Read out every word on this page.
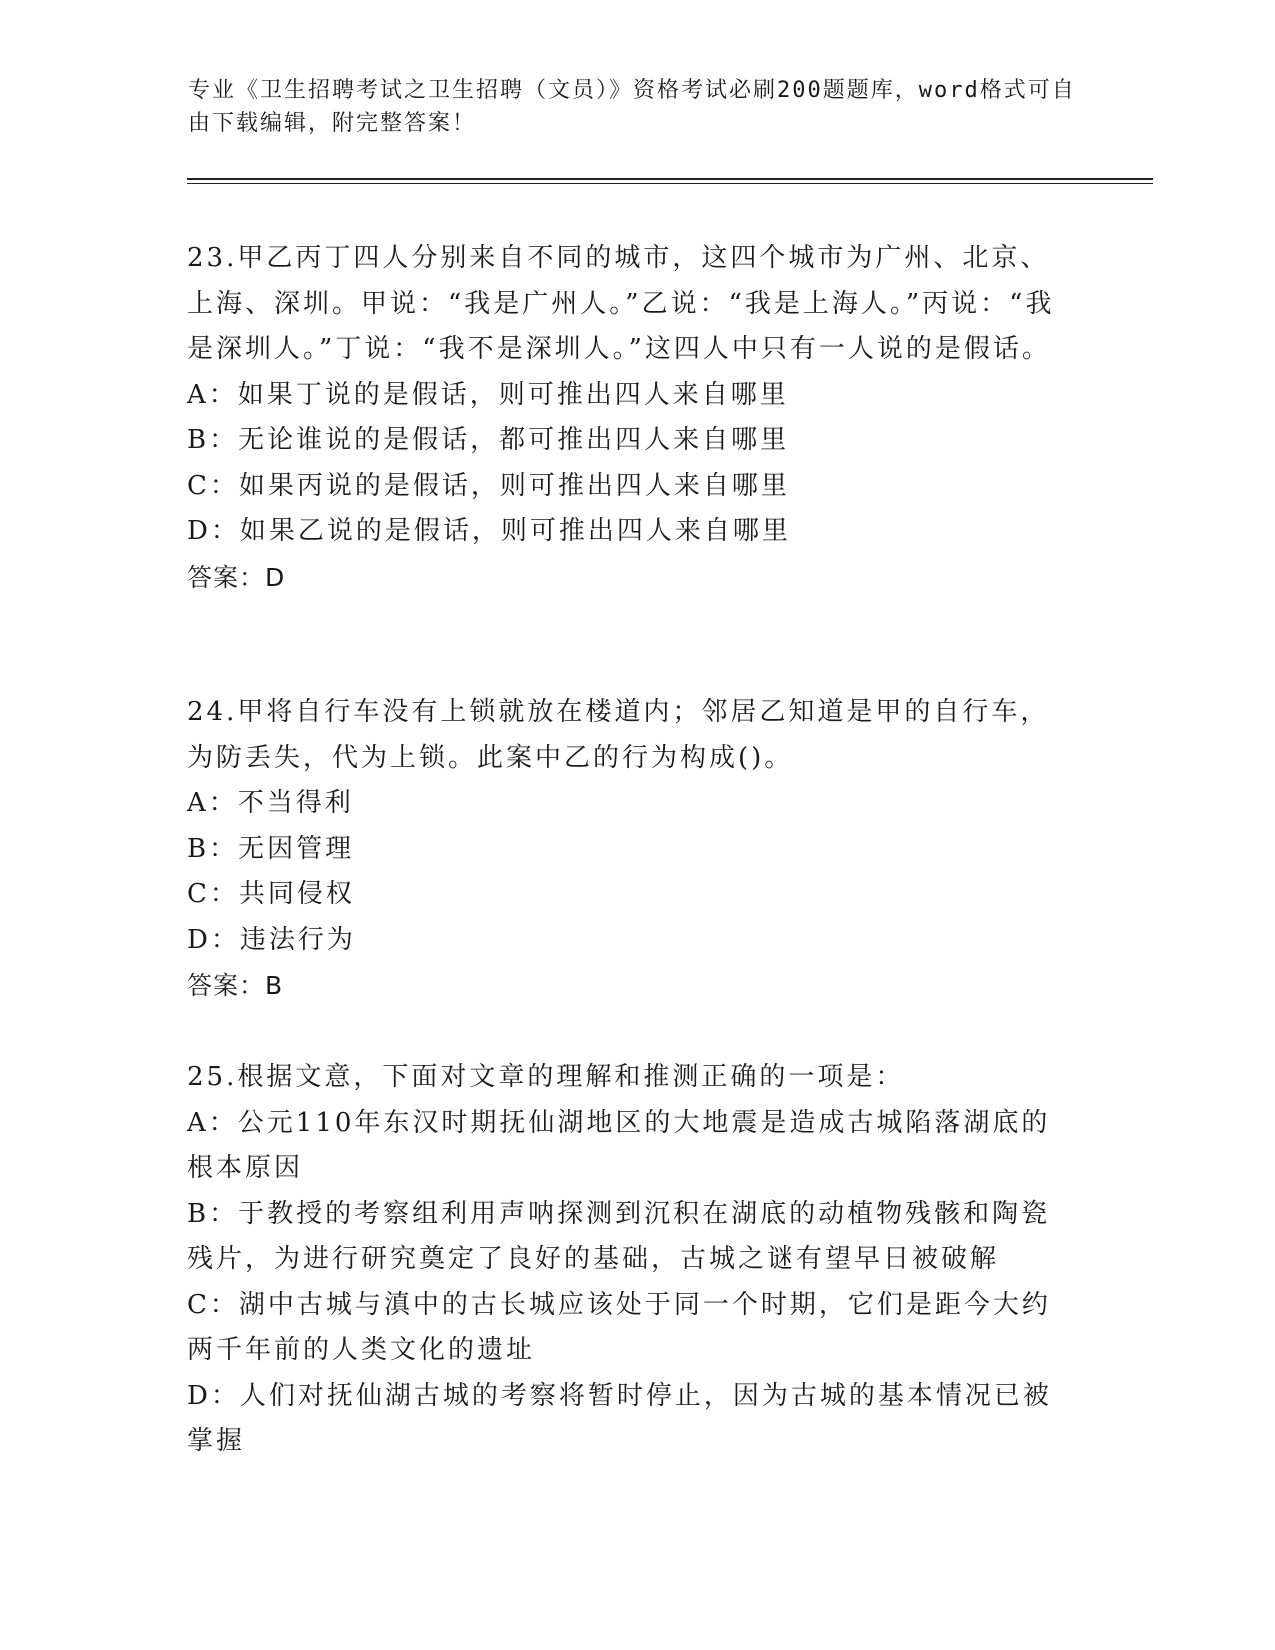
专业《卫生招聘考试之卫生招聘（文员）》资格考试必刷200题题库，word格式可自由下载编辑，附完整答案！

23.甲乙丙丁四人分别来自不同的城市，这四个城市为广州、北京、上海、深圳。甲说：“我是广州人。”乙说：“我是上海人。”丙说：“我是深圳人。”丁说：“我不是深圳人。”这四人中只有一人说的是假话。

A：如果丁说的是假话，则可推出四人来自哪里

B：无论谁说的是假话，都可推出四人来自哪里

C：如果丙说的是假话，则可推出四人来自哪里

D：如果乙说的是假话，则可推出四人来自哪里

答案：D

24.甲将自行车没有上锁就放在楼道内；邻居乙知道是甲的自行车，为防丢失，代为上锁。此案中乙的行为构成()。

A：不当得利

B：无因管理

C：共同侵权

D：违法行为

答案：B

25.根据文意，下面对文章的理解和推测正确的一项是：

A：公元110年东汉时期抚仙湖地区的大地震是造成古城陷落湖底的根本原因

B：于教授的考察组利用声呐探测到沉积在湖底的动植物残骸和陶瓷残片，为进行研究奠定了良好的基础，古城之谜有望早日被破解

C：湖中古城与滇中的古长城应该处于同一个时期，它们是距今大约两千年前的人类文化的遗址

D：人们对抚仙湖古城的考察将暂时停止，因为古城的基本情况已被掌握
